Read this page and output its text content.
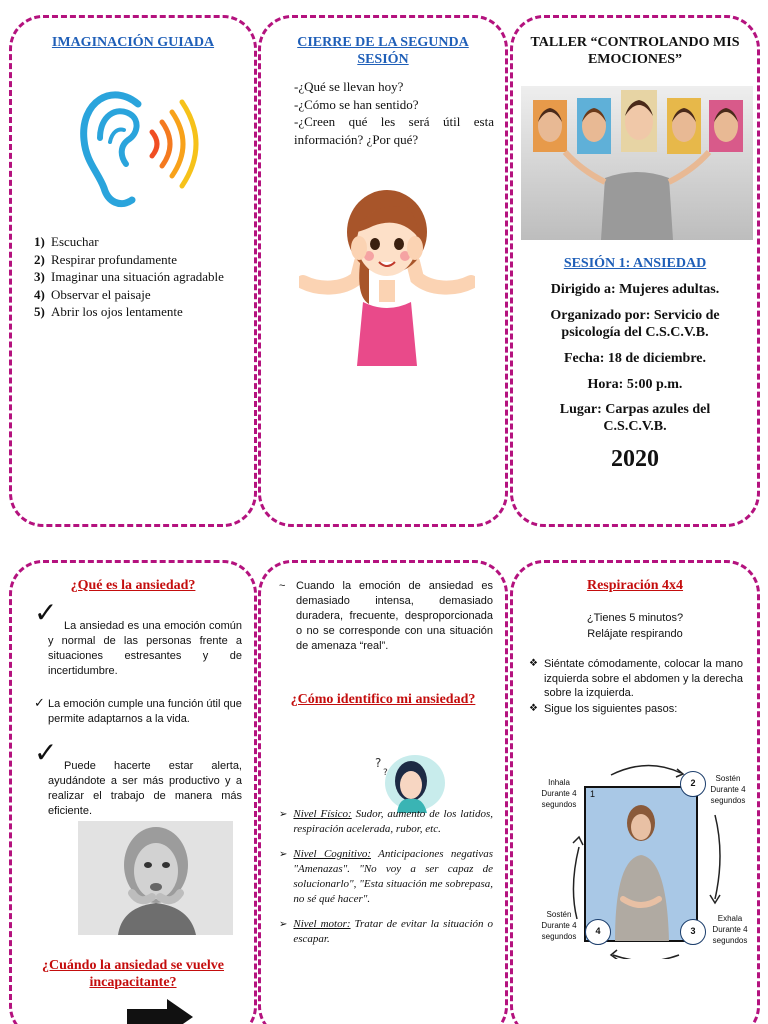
IMAGINACIÓN GUIADA
1) Escuchar
2) Respirar profundamente
3) Imaginar una situación agradable
4) Observar el paisaje
5) Abrir los ojos lentamente
CIERRE DE LA SEGUNDA SESIÓN
-¿Qué se llevan hoy?
-¿Cómo se han sentido?
-¿Creen qué les será útil esta información? ¿Por qué?
TALLER “CONTROLANDO MIS EMOCIONES”
SESIÓN 1: ANSIEDAD
Dirigido a: Mujeres adultas.
Organizado por: Servicio de psicología del C.S.C.V.B.
Fecha: 18 de diciembre.
Hora: 5:00 p.m.
Lugar: Carpas azules del C.S.C.V.B.
2020
¿Qué es la ansiedad?
✓ La ansiedad es una emoción común y normal de las personas frente a situaciones estresantes y de incertidumbre.
✓ La emoción cumple una función útil que permite adaptarnos a la vida.
✓ Puede hacerte estar alerta, ayudándote a ser más productivo y a realizar el trabajo de manera más eficiente.
¿Cuándo la ansiedad se vuelve incapacitante?
~ Cuando la emoción de ansiedad es demasiado intensa, demasiado duradera, frecuente, desproporcionada o no se corresponde con una situación de amenaza “real”.
¿Cómo identifico mi ansiedad?
?
?
➢ Nivel Físico: Sudor, aumento de los latidos, respiración acelerada, rubor, etc.
➢ Nivel Cognitivo: Anticipaciones negativas "Amenazas". "No voy a ser capaz de solucionarlo", "Esta situación me sobrepasa, no sé qué hacer".
➢ Nivel motor: Tratar de evitar la situación o escapar.
Respiración 4x4
¿Tienes 5 minutos?
Relájate respirando
❖ Siéntate cómodamente, colocar la mano izquierda sobre el abdomen y la derecha sobre la izquierda.
❖ Sigue los siguientes pasos:
1
2
3
4
Inhala
Durante 4
segundos
Sostén
Durante 4
segundos
Sostén
Durante 4
segundos
Exhala
Durante 4
segundos
